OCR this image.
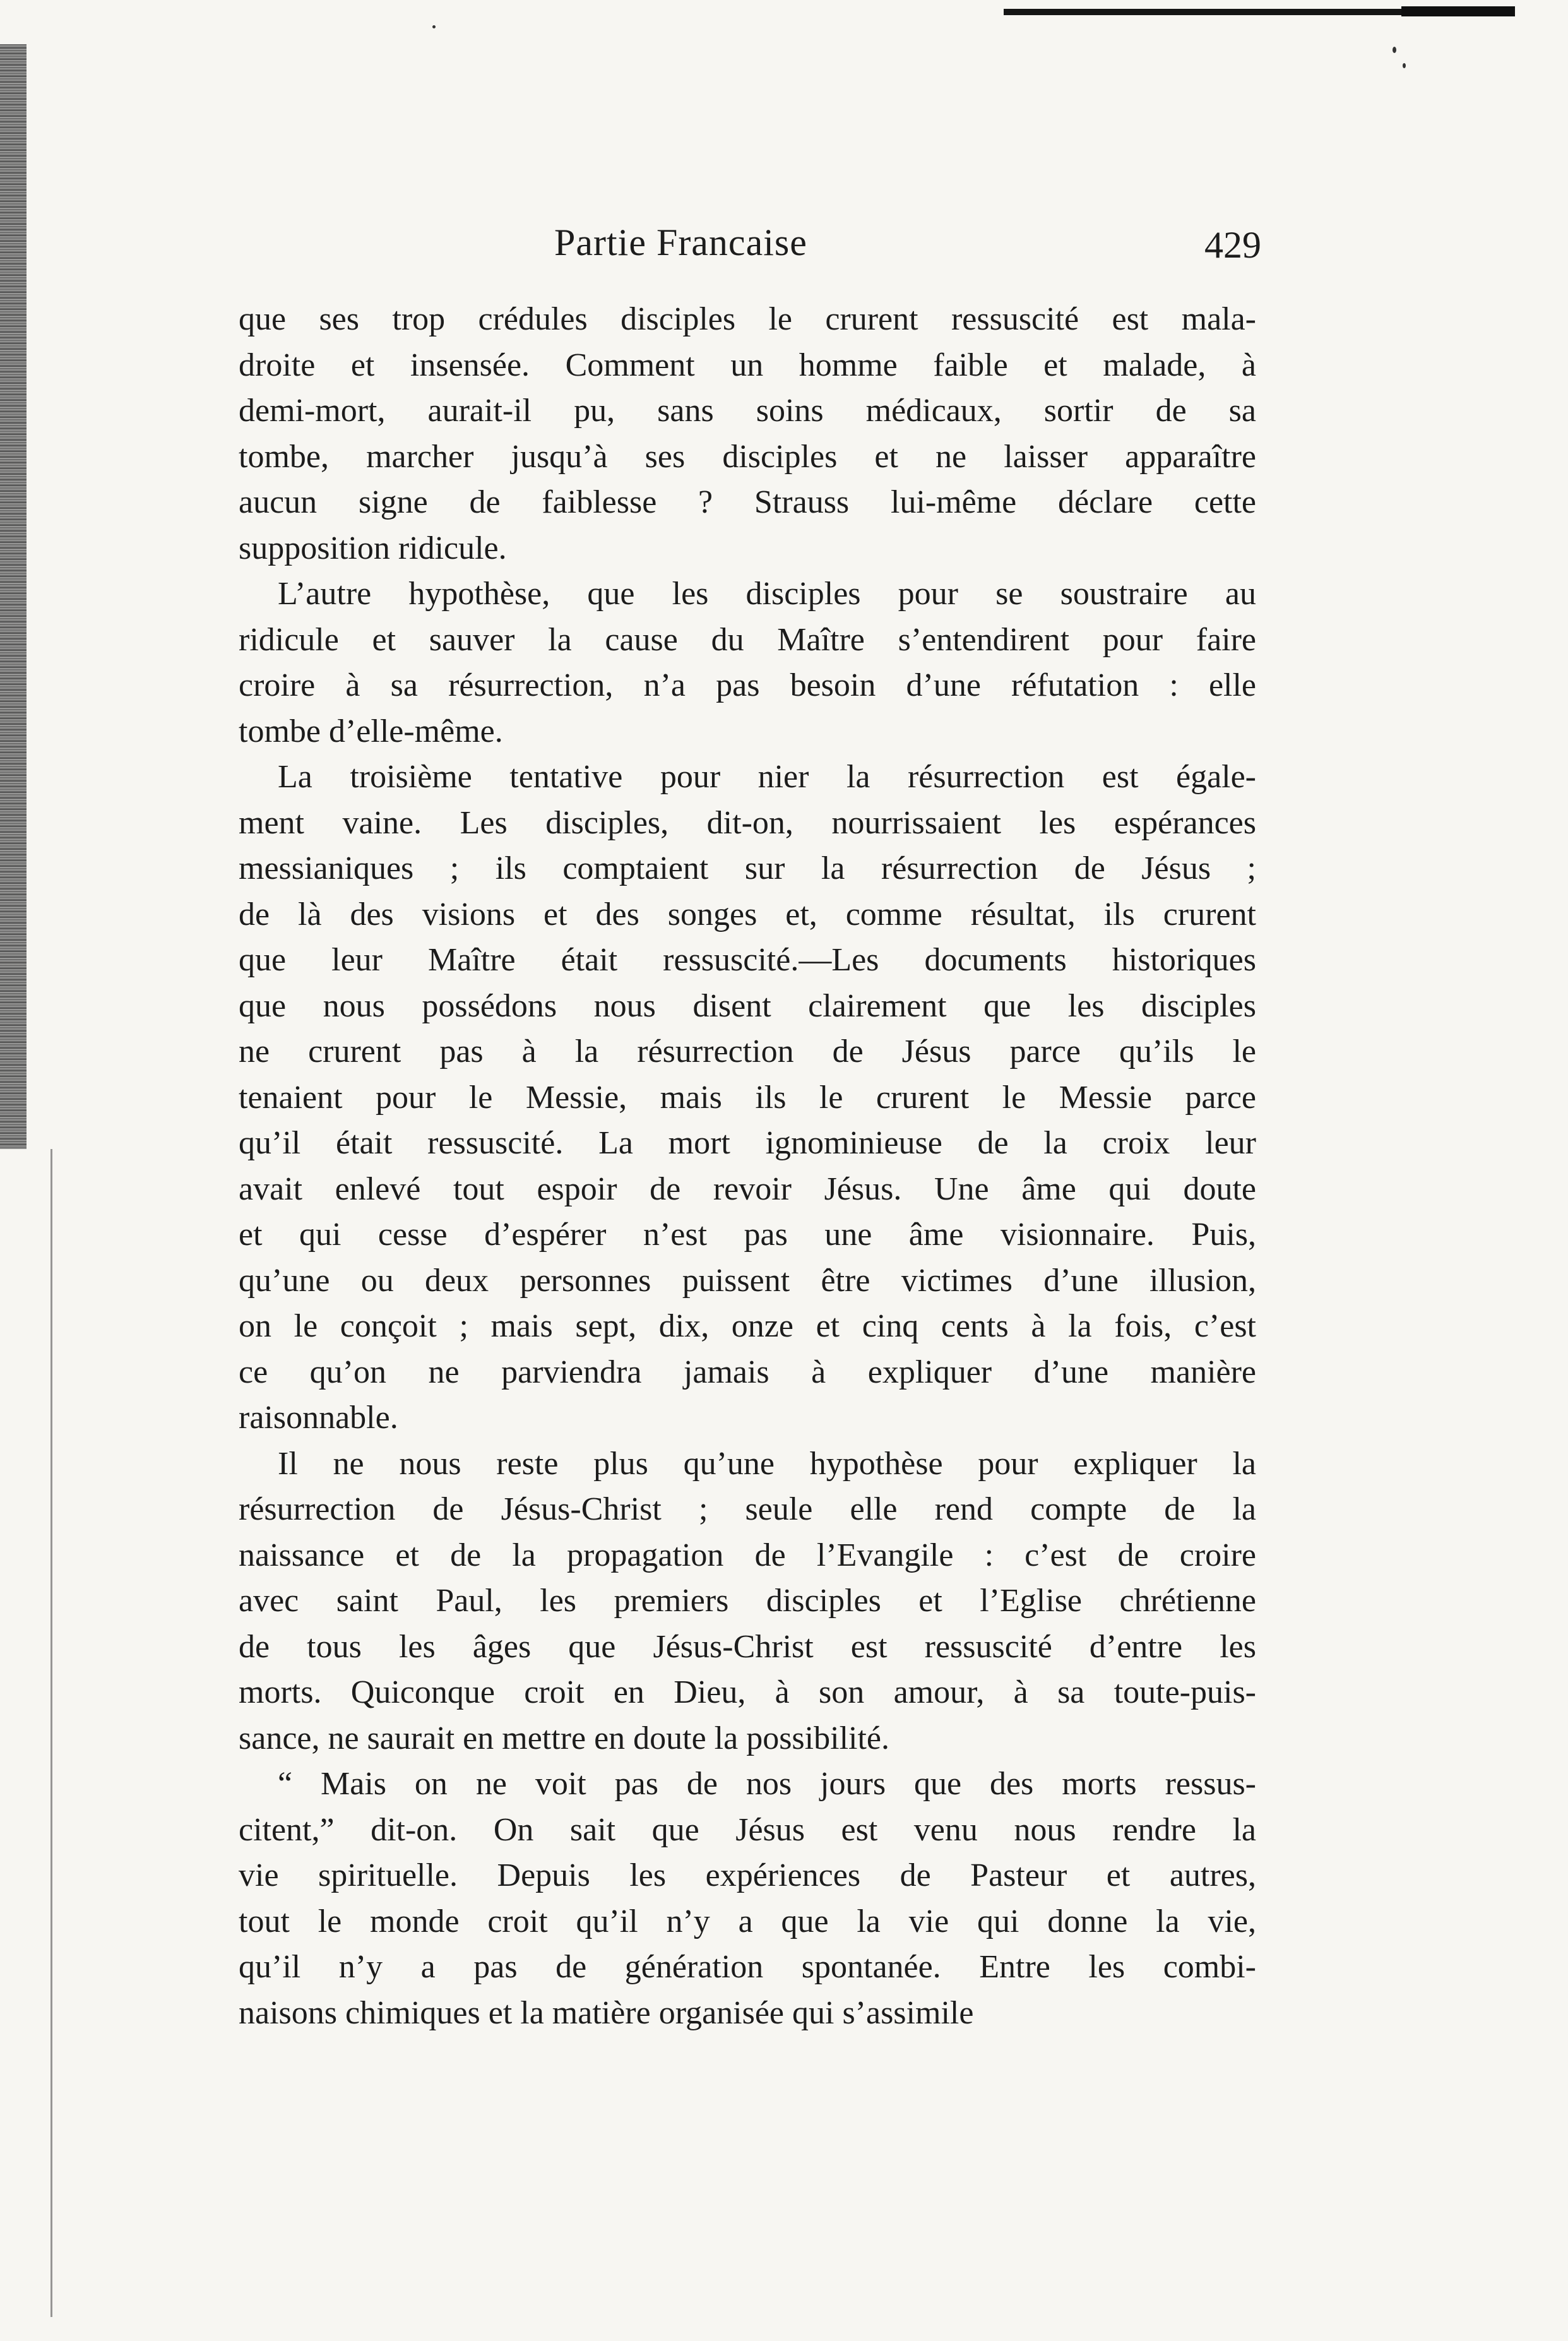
Partie Francaise	429
que ses trop crédules disciples le crurent ressuscité est mala-
droite et insensée. Comment un homme faible et malade, à
demi-mort, aurait-il pu, sans soins médicaux, sortir de sa
tombe, marcher jusqu’à ses disciples et ne laisser apparaître
aucun signe de faiblesse ? Strauss lui-même déclare cette
supposition ridicule.
L’autre hypothèse, que les disciples pour se soustraire au
ridicule et sauver la cause du Maître s’entendirent pour faire
croire à sa résurrection, n’a pas besoin d’une réfutation : elle
tombe d’elle-même.
La troisième tentative pour nier la résurrection est égale-
ment vaine. Les disciples, dit-on, nourrissaient les espérances
messianiques ; ils comptaient sur la résurrection de Jésus ;
de là des visions et des songes et, comme résultat, ils crurent
que leur Maître était ressuscité.—Les documents historiques
que nous possédons nous disent clairement que les disciples
ne crurent pas à la résurrection de Jésus parce qu’ils le
tenaient pour le Messie, mais ils le crurent le Messie parce
qu’il était ressuscité. La mort ignominieuse de la croix leur
avait enlevé tout espoir de revoir Jésus. Une âme qui doute
et qui cesse d’espérer n’est pas une âme visionnaire. Puis,
qu’une ou deux personnes puissent être victimes d’une illusion,
on le conçoit ; mais sept, dix, onze et cinq cents à la fois, c’est
ce qu’on ne parviendra jamais à expliquer d’une manière
raisonnable.
Il ne nous reste plus qu’une hypothèse pour expliquer la
résurrection de Jésus-Christ ; seule elle rend compte de la
naissance et de la propagation de l’Evangile : c’est de croire
avec saint Paul, les premiers disciples et l’Eglise chrétienne
de tous les âges que Jésus-Christ est ressuscité d’entre les
morts. Quiconque croit en Dieu, à son amour, à sa toute-puis-
sance, ne saurait en mettre en doute la possibilité.
“ Mais on ne voit pas de nos jours que des morts ressus-
citent,” dit-on. On sait que Jésus est venu nous rendre la
vie spirituelle. Depuis les expériences de Pasteur et autres,
tout le monde croit qu’il n’y a que la vie qui donne la vie,
qu’il n’y a pas de génération spontanée. Entre les combi-
naisons chimiques et la matière organisée qui s’assimile
